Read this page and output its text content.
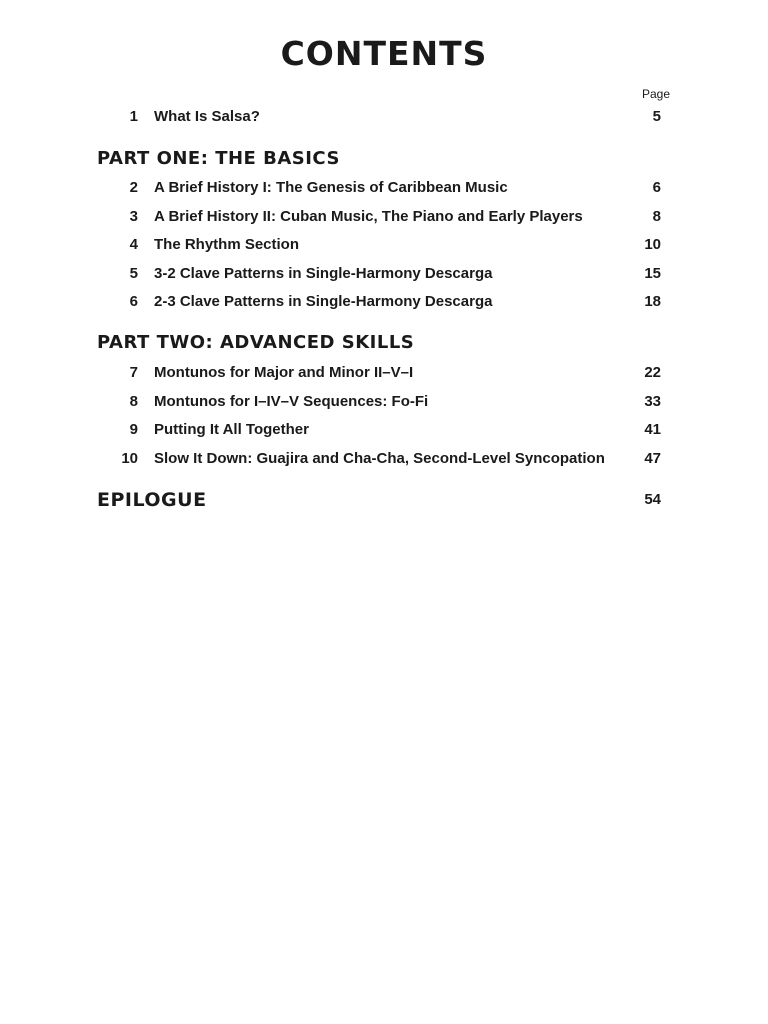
CONTENTS
Page
1 What Is Salsa?	5
PART ONE: THE BASICS
2 A Brief History I: The Genesis of Caribbean Music	6
3 A Brief History II: Cuban Music, The Piano and Early Players	8
4 The Rhythm Section	10
5 3-2 Clave Patterns in Single-Harmony Descarga	15
6 2-3 Clave Patterns in Single-Harmony Descarga	18
PART TWO: ADVANCED SKILLS
7 Montunos for Major and Minor II–V–I	22
8 Montunos for I–IV–V Sequences: Fo-Fi	33
9 Putting It All Together	41
10 Slow It Down: Guajira and Cha-Cha, Second-Level Syncopation	47
EPILOGUE	54
